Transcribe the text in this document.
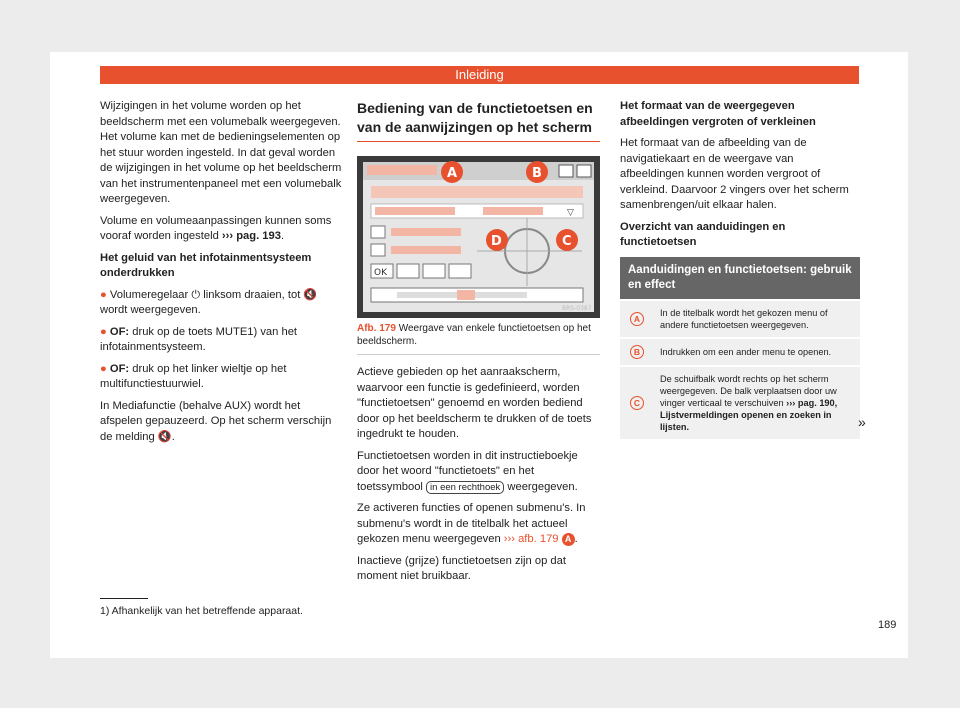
Inleiding

Wijzigingen in het volume worden op het beeldscherm met een volumebalk weergegeven. Het volume kan met de bedieningselementen op het stuur worden ingesteld. In dat geval worden de wijzigingen in het volume op het beeldscherm van het instrumentenpaneel met een volumebalk weergegeven.

Volume en volumeaanpassingen kunnen soms vooraf worden ingesteld ››› pag. 193.

Het geluid van het infotainmentsysteem onderdrukken

● Volumeregelaar ⏻ linksom draaien, tot 🔇 wordt weergegeven.

● OF: druk op de toets MUTE1) van het infotainmentsysteem.

● OF: druk op het linker wieltje op het multifunctiestuurwiel.

In Mediafunctie (behalve AUX) wordt het afspelen gepauzeerd. Op het scherm verschijn de melding 🔇.

Bediening van de functietoetsen en van de aanwijzingen op het scherm
▽
OK
A	B
C
D
BRS-0387
Afb. 179 Weergave van enkele functietoetsen op het beeldscherm.

Actieve gebieden op het aanraakscherm, waarvoor een functie is gedefinieerd, worden "functietoetsen" genoemd en worden bediend door op het beeldscherm te drukken of de toets ingedrukt te houden.

Functietoetsen worden in dit instructieboekje door het woord "functietoets" en het toetssymbool in een rechthoek weergegeven.

Ze activeren functies of openen submenu's. In submenu's wordt in de titelbalk het actueel gekozen menu weergegeven ››› afb. 179 A .

Inactieve (grijze) functietoetsen zijn op dat moment niet bruikbaar.

Het formaat van de weergegeven afbeeldingen vergroten of verkleinen

Het formaat van de afbeelding van de navigatiekaart en de weergave van afbeeldingen kunnen worden vergroot of verkleind. Daarvoor 2 vingers over het scherm samenbrengen/uit elkaar halen.

Overzicht van aanduidingen en functietoetsen

Aanduidingen en functietoetsen: gebruik en effect	
A	In de titelbalk wordt het gekozen menu of andere functietoetsen weergegeven.
B	Indrukken om een ander menu te openen.
C	De schuifbalk wordt rechts op het scherm weergegeven. De balk verplaatsen door uw vinger verticaal te verschuiven ››› pag. 190, Lijstvermeldingen openen en zoeken in lijsten.	»
1) Afhankelijk van het betreffende apparaat.
189
